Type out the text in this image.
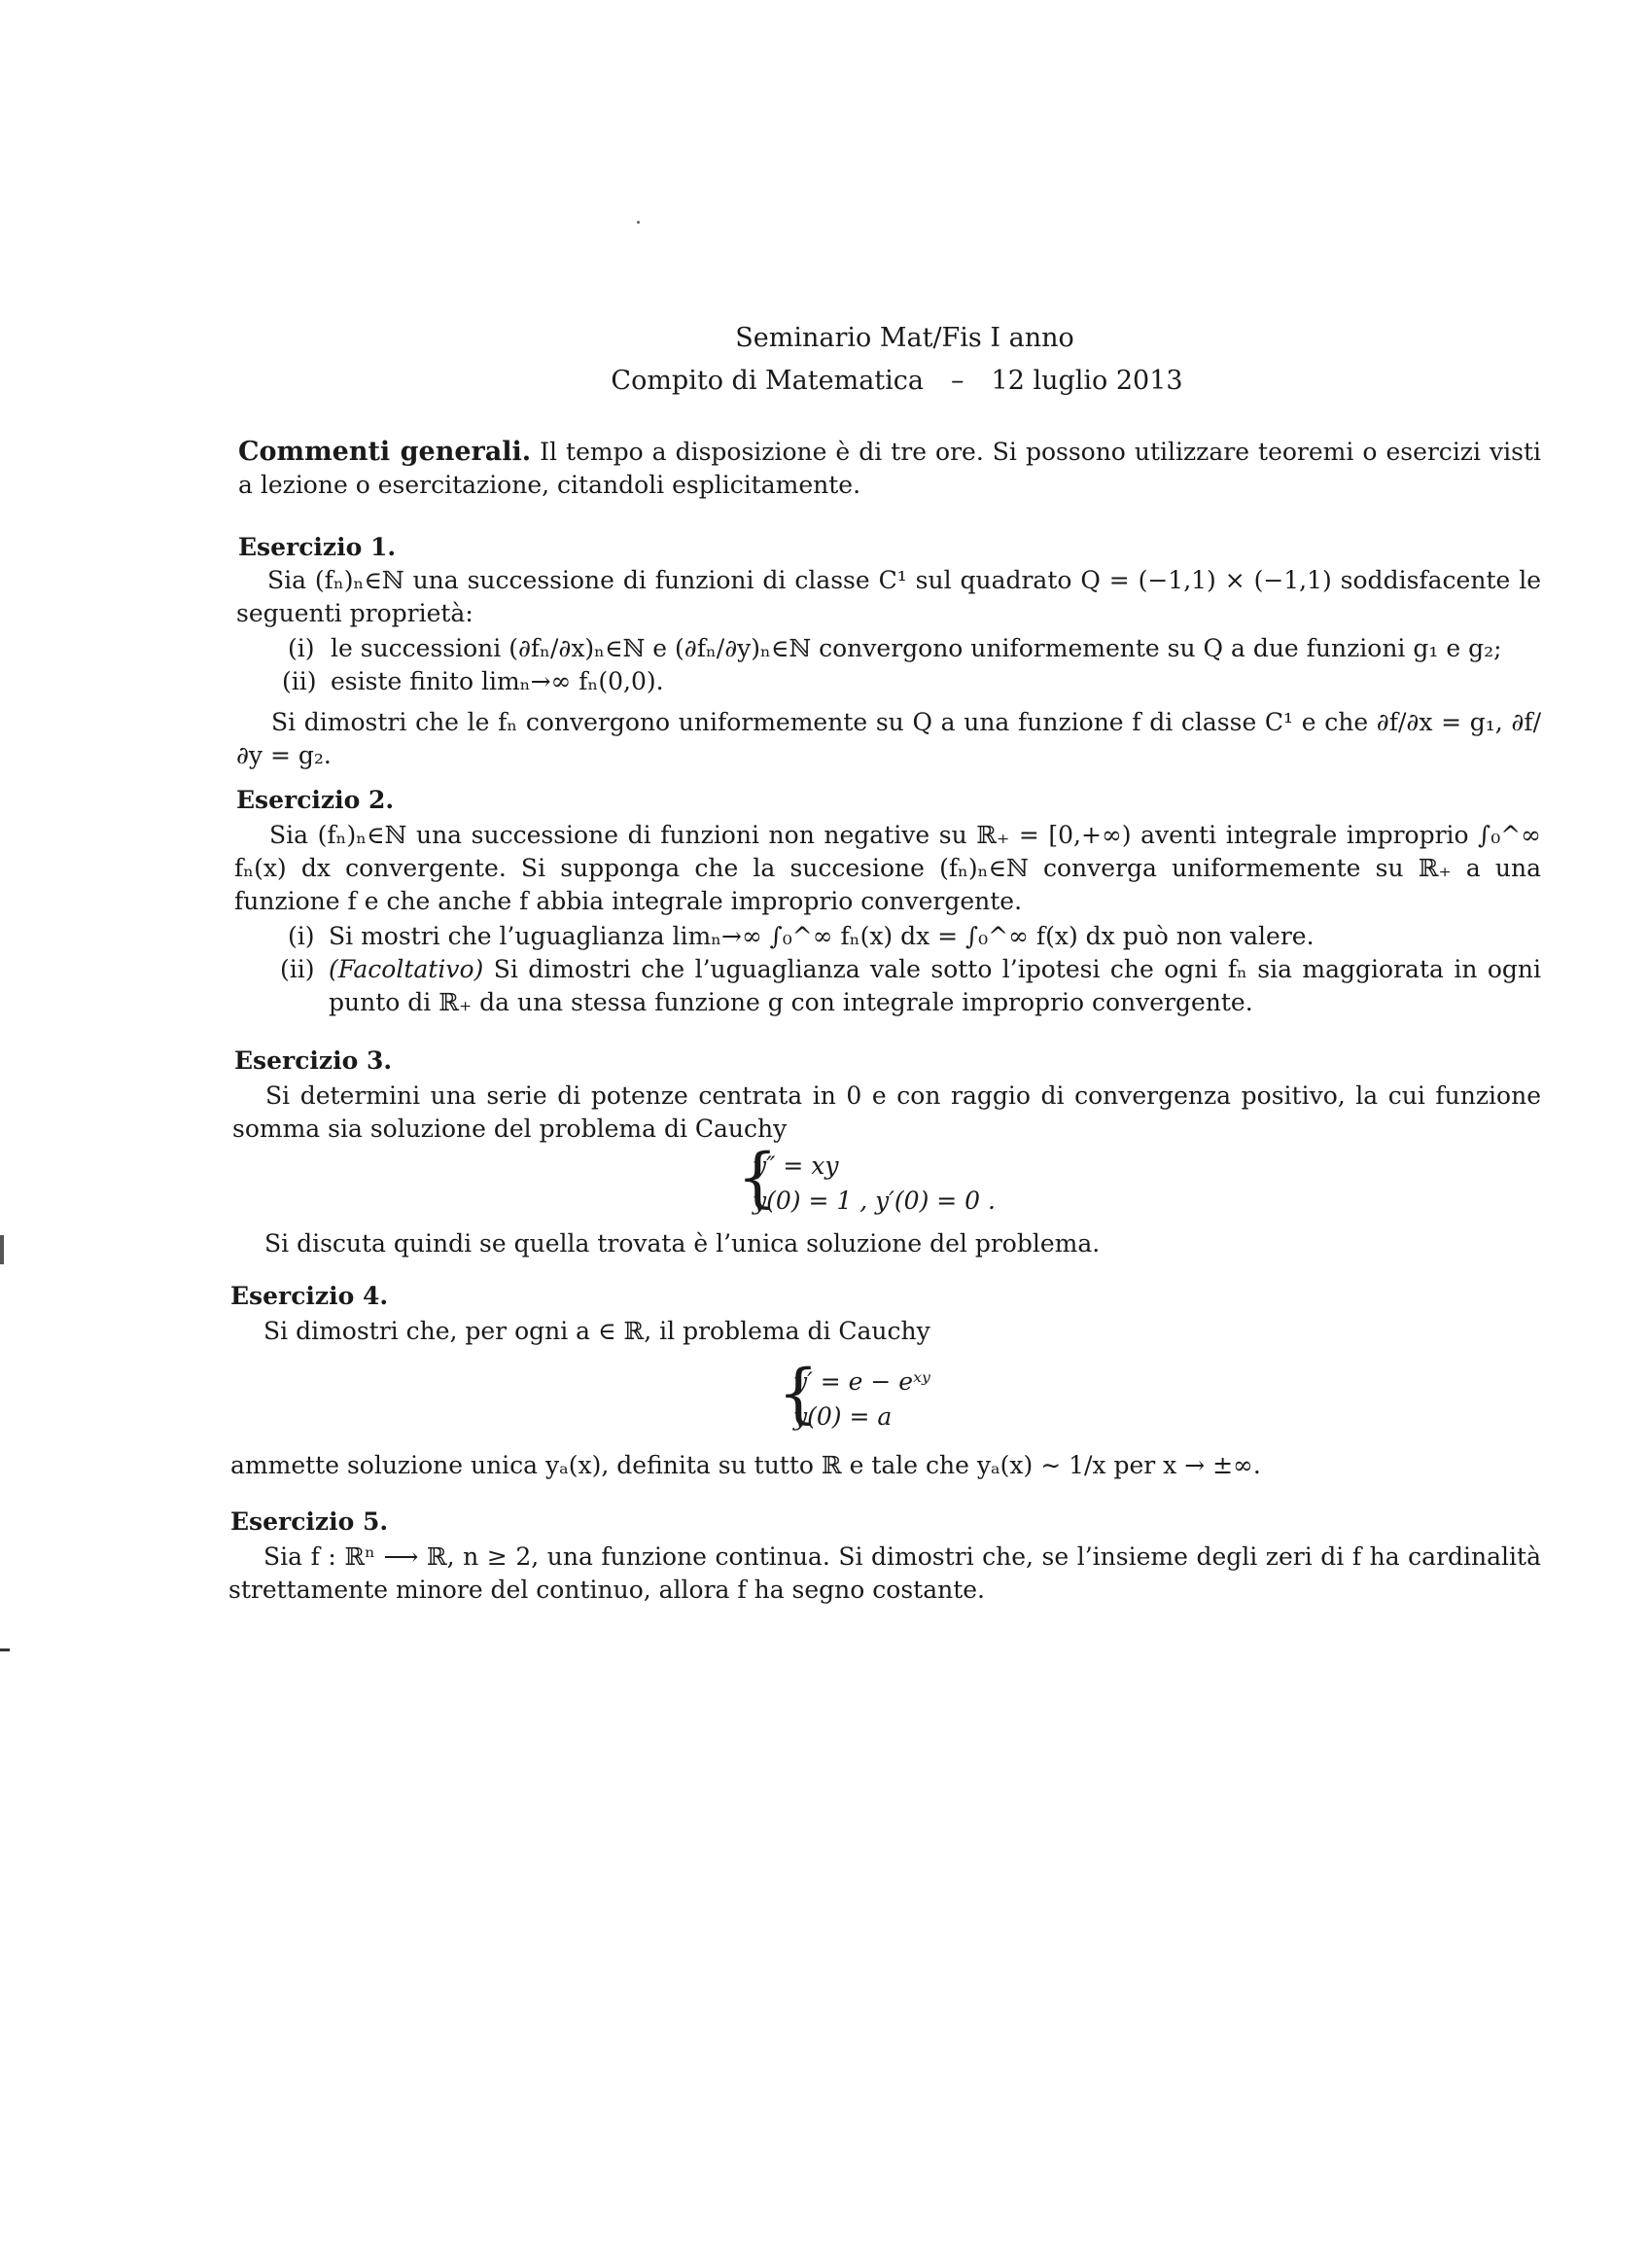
Seminario Mat/Fis I anno
Compito di Matematica – 12 luglio 2013
Commenti generali. Il tempo a disposizione è di tre ore. Si possono utilizzare teoremi o esercizi visti a lezione o esercitazione, citandoli esplicitamente.
Esercizio 1.
Sia (fₙ)ₙ∈ℕ una successione di funzioni di classe C¹ sul quadrato Q = (−1,1) × (−1,1) soddisfacente le seguenti proprietà:
(i) le successioni (∂fₙ/∂x)ₙ∈ℕ e (∂fₙ/∂y)ₙ∈ℕ convergono uniformemente su Q a due funzioni g₁ e g₂;
(ii) esiste finito limₙ→∞ fₙ(0,0).
Si dimostri che le fₙ convergono uniformemente su Q a una funzione f di classe C¹ e che ∂f/∂x = g₁, ∂f/∂y = g₂.
Esercizio 2.
Sia (fₙ)ₙ∈ℕ una successione di funzioni non negative su ℝ₊ = [0,+∞) aventi integrale improprio ∫₀^∞ fₙ(x) dx convergente. Si supponga che la succesione (fₙ)ₙ∈ℕ converga uniformemente su ℝ₊ a una funzione f e che anche f abbia integrale improprio convergente.
(i) Si mostri che l’uguaglianza limₙ→∞ ∫₀^∞ fₙ(x) dx = ∫₀^∞ f(x) dx può non valere.
(ii) (Facoltativo) Si dimostri che l’uguaglianza vale sotto l’ipotesi che ogni fₙ sia maggiorata in ogni punto di ℝ₊ da una stessa funzione g con integrale improprio convergente.
Esercizio 3.
Si determini una serie di potenze centrata in 0 e con raggio di convergenza positivo, la cui funzione somma sia soluzione del problema di Cauchy
{
y″ = xy
y(0) = 1 , y′(0) = 0 .
Si discuta quindi se quella trovata è l’unica soluzione del problema.
Esercizio 4.
Si dimostri che, per ogni a ∈ ℝ, il problema di Cauchy
{
y′ = e − eˣʸ
y(0) = a
ammette soluzione unica yₐ(x), definita su tutto ℝ e tale che yₐ(x) ∼ 1/x per x → ±∞.
Esercizio 5.
Sia f : ℝⁿ ⟶ ℝ, n ≥ 2, una funzione continua. Si dimostri che, se l’insieme degli zeri di f ha cardinalità strettamente minore del continuo, allora f ha segno costante.
